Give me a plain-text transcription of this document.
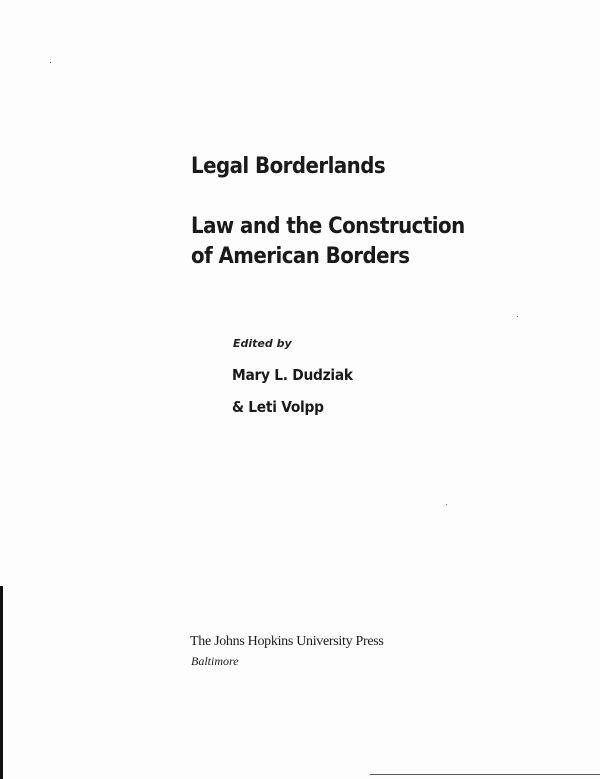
Legal Borderlands
Law and the Construction
of American Borders
Edited by
Mary L. Dudziak
& Leti Volpp
The Johns Hopkins University Press
Baltimore
